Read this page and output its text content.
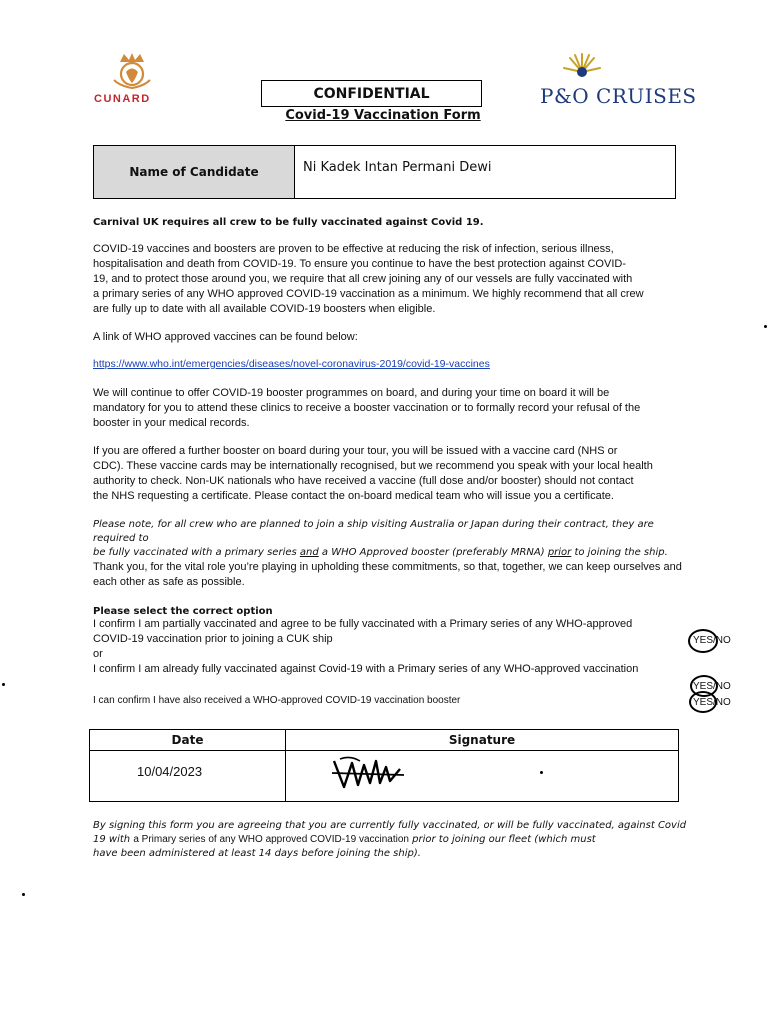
CUNARD	P&O CRUISES
CONFIDENTIAL
Covid-19 Vaccination Form
Name of Candidate	Ni Kadek Intan Permani Dewi
Carnival UK requires all crew to be fully vaccinated against Covid 19.
COVID-19 vaccines and boosters are proven to be effective at reducing the risk of infection, serious illness,
hospitalisation and death from COVID-19. To ensure you continue to have the best protection against COVID-
19, and to protect those around you, we require that all crew joining any of our vessels are fully vaccinated with
a primary series of any WHO approved COVID-19 vaccination as a minimum. We highly recommend that all crew
are fully up to date with all available COVID-19 boosters when eligible.
A link of WHO approved vaccines can be found below:
https://www.who.int/emergencies/diseases/novel-coronavirus-2019/covid-19-vaccines
We will continue to offer COVID-19 booster programmes on board, and during your time on board it will be
mandatory for you to attend these clinics to receive a booster vaccination or to formally record your refusal of the
booster in your medical records.
If you are offered a further booster on board during your tour, you will be issued with a vaccine card (NHS or
CDC). These vaccine cards may be internationally recognised, but we recommend you speak with your local health
authority to check. Non-UK nationals who have received a vaccine (full dose and/or booster) should not contact
the NHS requesting a certificate. Please contact the on-board medical team who will issue you a certificate.
Please note, for all crew who are planned to join a ship visiting Australia or Japan during their contract, they are required to
be fully vaccinated with a primary series and a WHO Approved booster (preferably MRNA) prior to joining the ship.
Thank you, for the vital role you’re playing in upholding these commitments, so that, together, we can keep ourselves and
each other as safe as possible.
Please select the correct option
I confirm I am partially vaccinated and agree to be fully vaccinated with a Primary series of any WHO-approved
COVID-19 vaccination prior to joining a CUK ship	YES/NO
or
I confirm I am already fully vaccinated against Covid-19 with a Primary series of any WHO-approved vaccination
YES/NO
I can confirm I have also received a WHO-approved COVID-19 vaccination booster	YES/NO
Date	Signature
10/04/2023
By signing this form you are agreeing that you are currently fully vaccinated, or will be fully vaccinated, against Covid
19 with a Primary series of any WHO approved COVID-19 vaccination prior to joining our fleet (which must
have been administered at least 14 days before joining the ship).
